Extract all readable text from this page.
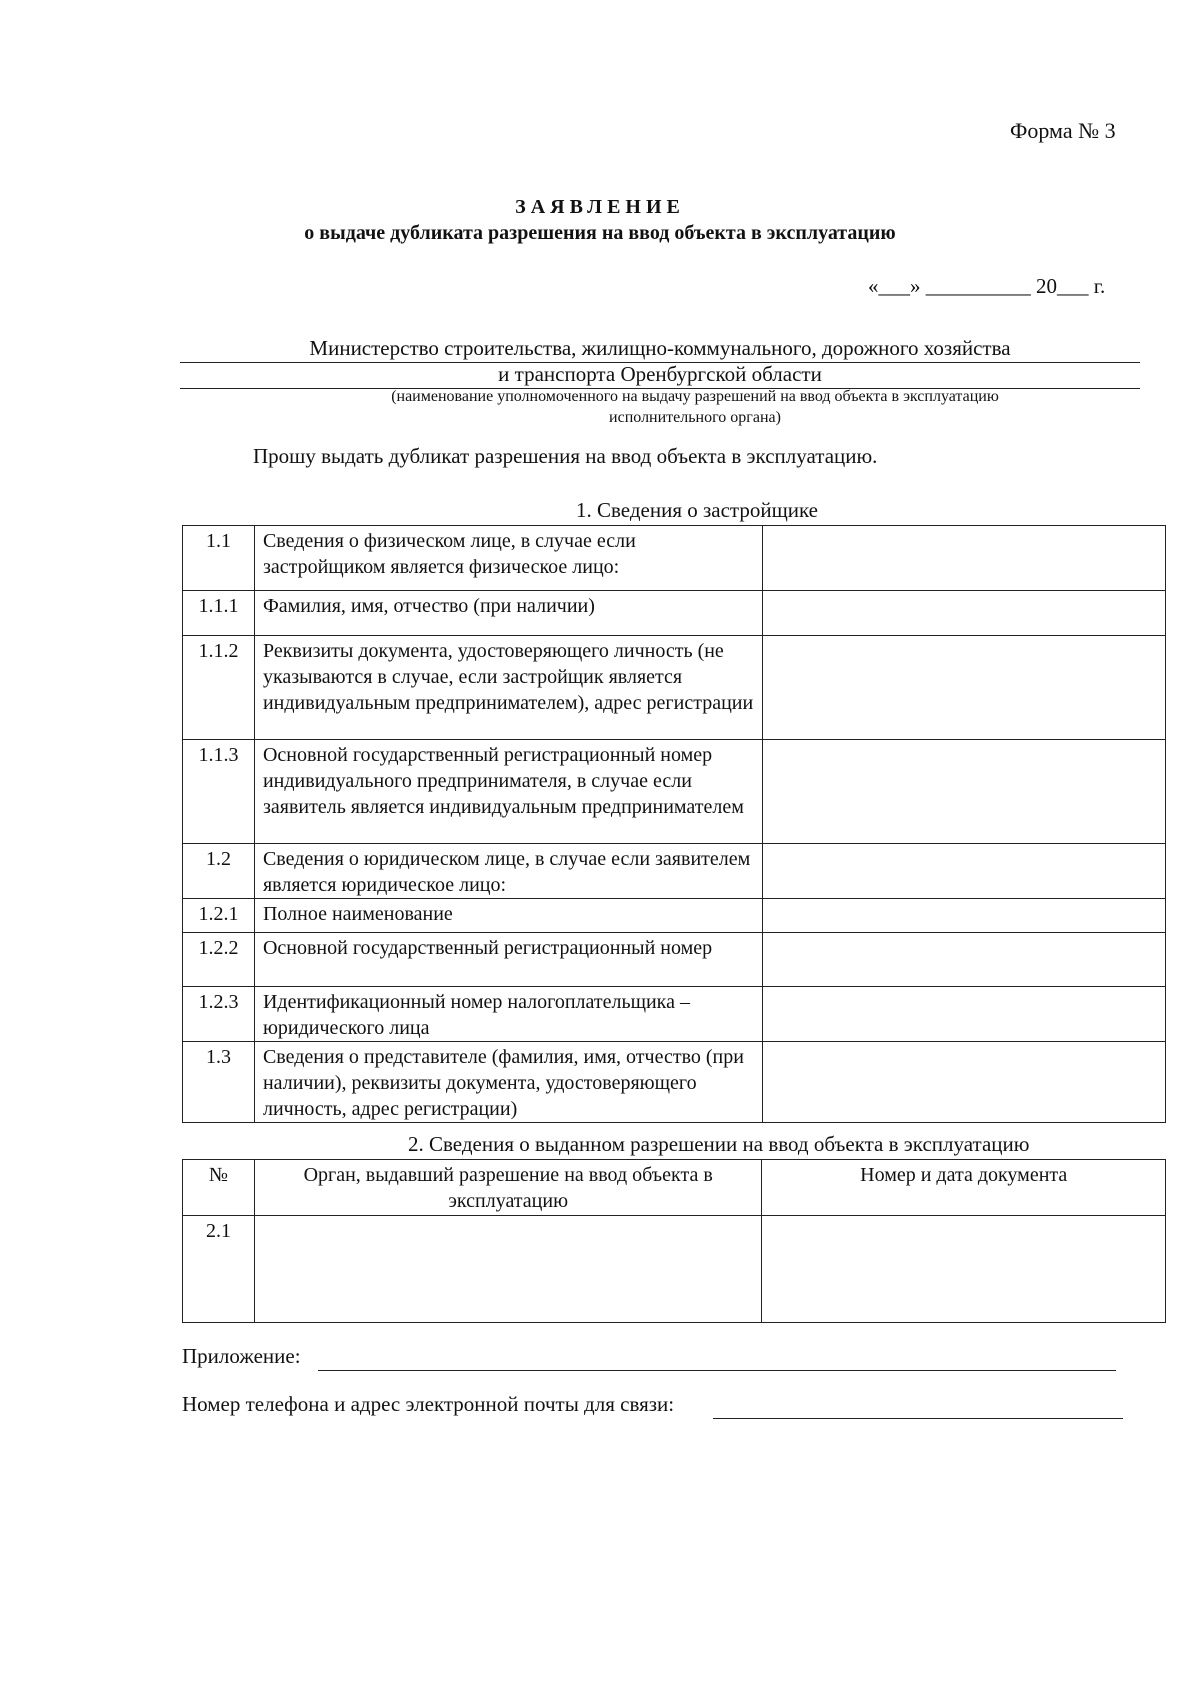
Форма № 3
ЗАЯВЛЕНИЕ
о выдаче дубликата разрешения на ввод объекта в эксплуатацию
«___» __________ 20___ г.
Министерство строительства, жилищно-коммунального, дорожного хозяйства
и транспорта Оренбургской области
(наименование уполномоченного на выдачу разрешений на ввод объекта в эксплуатацию
исполнительного органа)
Прошу выдать дубликат разрешения на ввод объекта в эксплуатацию.
1. Сведения о застройщике
1.1	Сведения о физическом лице, в случае если застройщиком является физическое лицо:	
1.1.1	Фамилия, имя, отчество (при наличии)	
1.1.2	Реквизиты документа, удостоверяющего личность (не указываются в случае, если застройщик является индивидуальным предпринимателем), адрес регистрации	
1.1.3	Основной государственный регистрационный номер индивидуального предпринимателя, в случае если заявитель является индивидуальным предпринимателем	
1.2	Сведения о юридическом лице, в случае если заявителем является юридическое лицо:	
1.2.1	Полное наименование	
1.2.2	Основной государственный регистрационный номер	
1.2.3	Идентификационный номер налогоплательщика – юридического лица	
1.3	Сведения о представителе (фамилия, имя, отчество (при наличии), реквизиты документа, удостоверяющего личность, адрес регистрации)	
2. Сведения о выданном разрешении на ввод объекта в эксплуатацию
№	Орган, выдавший разрешение на ввод объекта в эксплуатацию	Номер и дата документа
2.1		
Приложение:
Номер телефона и адрес электронной почты для связи:
